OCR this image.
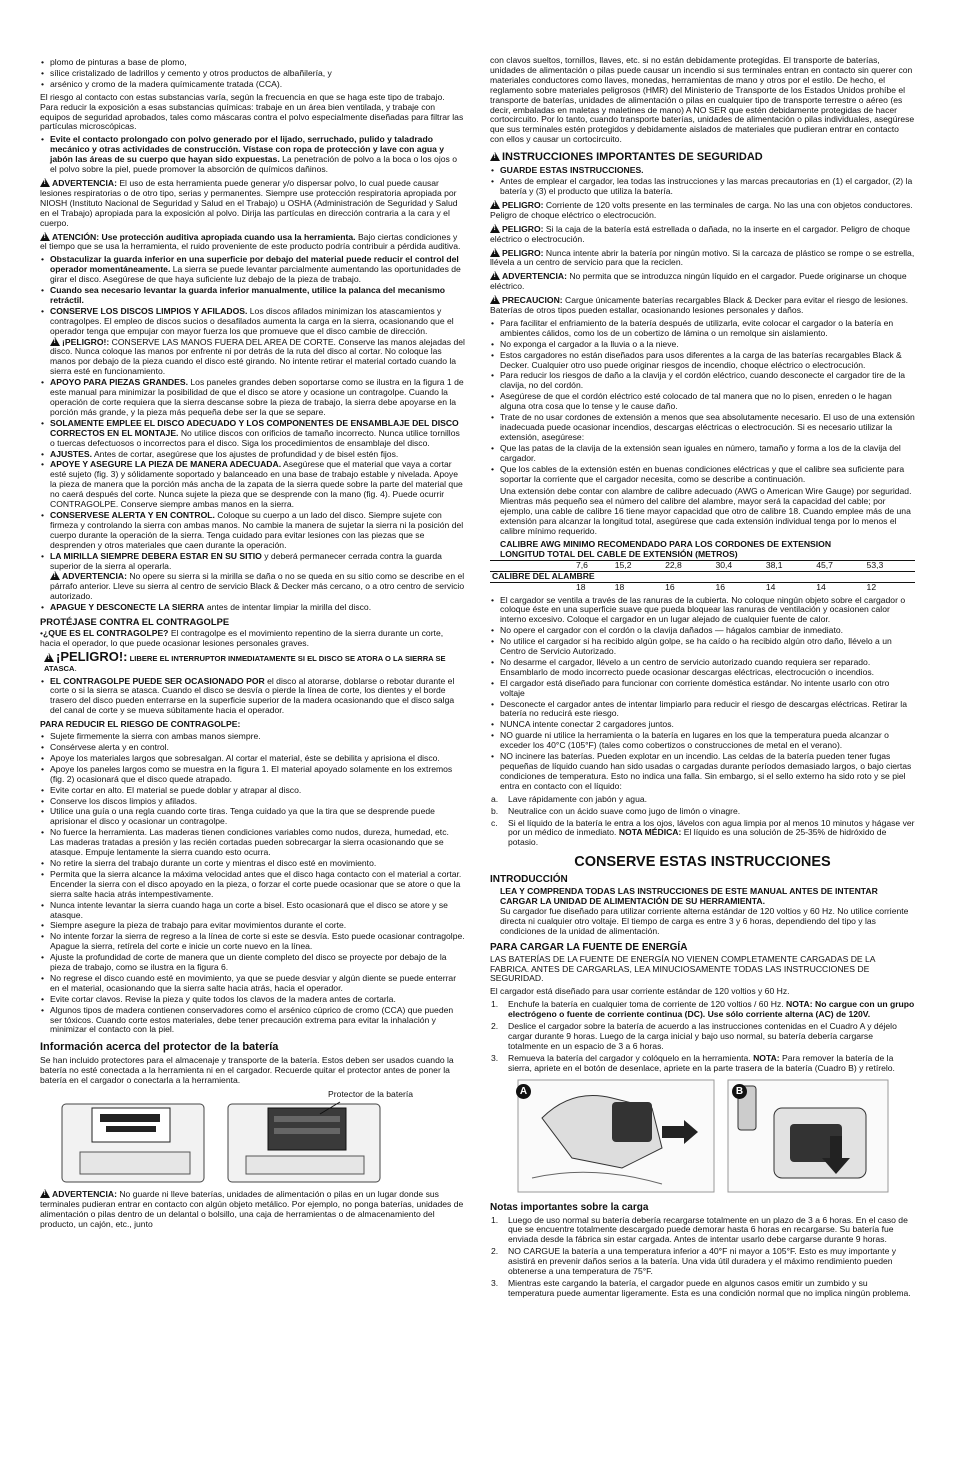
• plomo de pinturas a base de plomo,
• sílice cristalizado de ladrillos y cemento y otros productos de albañilería, y
• arsénico y cromo de la madera químicamente tratada (CCA).

El riesgo al contacto con estas substancias varía, según la frecuencia en que se haga este tipo de trabajo. Para reducir la exposición a esas substancias químicas: trabaje en un área bien ventilada, y trabaje con equipos de seguridad aprobados, tales como máscaras contra el polvo especialmente diseñadas para filtrar las partículas microscópicas.

• Evite el contacto prolongado con polvo generado por el lijado, serruchado, pulido y taladrado mecánico y otras actividades de construcción. Vístase con ropa de protección y lave con agua y jabón las áreas de su cuerpo que hayan sido expuestas. La penetración de polvo a la boca o los ojos o el polvo sobre la piel, puede promover la absorción de químicos dañinos.

!ADVERTENCIA: El uso de esta herramienta puede generar y/o dispersar polvo, lo cual puede causar lesiones respiratorias o de otro tipo, serias y permanentes. Siempre use protección respiratoria apropiada por NIOSH (Instituto Nacional de Seguridad y Salud en el Trabajo) u OSHA (Administración de Seguridad y Salud en el Trabajo) apropiada para la exposición al polvo. Dirija las partículas en dirección contraria a la cara y el cuerpo.

!ATENCIÓN: Use protección auditiva apropiada cuando usa la herramienta. Bajo ciertas condiciones y el tiempo que se usa la herramienta, el ruido proveniente de este producto podría contribuir a pérdida auditiva.

• Obstaculizar la guarda inferior en una superficie por debajo del material puede reducir el control del operador momentáneamente. La sierra se puede levantar parcialmente aumentando las oportunidades de girar el disco. Asegúrese de que haya suficiente luz debajo de la pieza de trabajo.
• Cuando sea necesario levantar la guarda inferior manualmente, utilice la palanca del mecanismo retráctil.
• CONSERVE LOS DISCOS LIMPIOS Y AFILADOS. Los discos afilados minimizan los atascamientos y contragolpes. El empleo de discos sucios o desafilados aumenta la carga en la sierra, ocasionando que el operador tenga que empujar con mayor fuerza los que promueve que el disco cambie de dirección.
!¡PELIGRO!: CONSERVE LAS MANOS FUERA DEL AREA DE CORTE. Conserve las manos alejadas del disco. Nunca coloque las manos por enfrente ni por detrás de la ruta del disco al cortar. No coloque las manos por debajo de la pieza cuando el disco esté girando. No intente retirar el material cortado cuando la sierra esté en funcionamiento.
• APOYO PARA PIEZAS GRANDES. Los paneles grandes deben soportarse como se ilustra en la figura 1 de este manual para minimizar la posibilidad de que el disco se atore y ocasione un contragolpe. Cuando la operación de corte requiera que la sierra descanse sobre la pieza de trabajo, la sierra debe apoyarse en la porción más grande, y la pieza más pequeña debe ser la que se separe.
• SOLAMENTE EMPLEE EL DISCO ADECUADO Y LOS COMPONENTES DE ENSAMBLAJE DEL DISCO CORRECTOS EN EL MONTAJE. No utilice discos con orificios de tamaño incorrecto. Nunca utilice tornillos o tuercas defectuosos o incorrectos para el disco. Siga los procedimientos de ensamblaje del disco.
• AJUSTES. Antes de cortar, asegúrese que los ajustes de profundidad y de bisel estén fijos.
• APOYE Y ASEGURE LA PIEZA DE MANERA ADECUADA. Asegúrese que el material que vaya a cortar esté sujeto (fig. 3) y sólidamente soportado y balanceado en una base de trabajo estable y nivelada. Apoye la pieza de manera que la porción más ancha de la zapata de la sierra quede sobre la parte del material que no caerá después del corte. Nunca sujete la pieza que se desprende con la mano (fig. 4). Puede ocurrir CONTRAGOLPE. Conserve siempre ambas manos en la sierra.
• CONSERVESE ALERTA Y EN CONTROL. Coloque su cuerpo a un lado del disco. Siempre sujete con firmeza y controlando la sierra con ambas manos. No cambie la manera de sujetar la sierra ni la posición del cuerpo durante la operación de la sierra. Tenga cuidado para evitar lesiones con las piezas que se desprenden y otros materiales que caen durante la operación.
• LA MIRILLA SIEMPRE DEBERA ESTAR EN SU SITIO y deberá permanecer cerrada contra la guarda superior de la sierra al operarla.
!ADVERTENCIA: No opere su sierra si la mirilla se daña o no se queda en su sitio como se describe en el párrafo anterior. Lleve su sierra al centro de servicio Black & Decker más cercano, o a otro centro de servicio autorizado.
• APAGUE Y DESCONECTE LA SIERRA antes de intentar limpiar la mirilla del disco.
PROTÉJASE CONTRA EL CONTRAGOLPE

•¿QUE ES EL CONTRAGOLPE? El contragolpe es el movimiento repentino de la sierra durante un corte, hacia el operador, lo que puede ocasionar lesiones personales graves.

!¡PELIGRO!: LIBERE EL INTERRUPTOR INMEDIATAMENTE SI EL DISCO SE ATORA O LA SIERRA SE ATASCA.

• EL CONTRAGOLPE PUEDE SER OCASIONADO POR el disco al atorarse, doblarse o rebotar durante el corte o si la sierra se atasca. Cuando el disco se desvía o pierde la línea de corte, los dientes y el borde trasero del disco pueden enterrarse en la superficie superior de la madera ocasionando que el disco salga del canal de corte y se mueva súbitamente hacia el operador.
PARA REDUCIR EL RIESGO DE CONTRAGOLPE:
• Sujete firmemente la sierra con ambas manos siempre.
• Consérvese alerta y en control.
• Apoye los materiales largos que sobresalgan. Al cortar el material, éste se debilita y aprisiona el disco.
• Apoye los paneles largos como se muestra en la figura 1. El material apoyado solamente en los extremos (fig. 2) ocasionará que el disco quede atrapado.
• Evite cortar en alto. El material se puede doblar y atrapar al disco.
• Conserve los discos limpios y afilados.
• Utilice una guía o una regla cuando corte tiras. Tenga cuidado ya que la tira que se desprende puede aprisionar el disco y ocasionar un contragolpe.
• No fuerce la herramienta. Las maderas tienen condiciones variables como nudos, dureza, humedad, etc. Las maderas tratadas a presión y las recién cortadas pueden sobrecargar la sierra ocasionando que se atasque. Empuje lentamente la sierra cuando esto ocurra.
• No retire la sierra del trabajo durante un corte y mientras el disco esté en movimiento.
• Permita que la sierra alcance la máxima velocidad antes que el disco haga contacto con el material a cortar. Encender la sierra con el disco apoyado en la pieza, o forzar el corte puede ocasionar que se atore o que la sierra salte hacia atrás intempestivamente.
• Nunca intente levantar la sierra cuando haga un corte a bisel. Esto ocasionará que el disco se atore y se atasque.
• Siempre asegure la pieza de trabajo para evitar movimientos durante el corte.
• No intente forzar la sierra de regreso a la línea de corte si este se desvía. Esto puede ocasionar contragolpe. Apague la sierra, retírela del corte e inicie un corte nuevo en la línea.
• Ajuste la profundidad de corte de manera que un diente completo del disco se proyecte por debajo de la pieza de trabajo, como se ilustra en la figura 6.
• No regrese el disco cuando esté en movimiento, ya que se puede desviar y algún diente se puede enterrar en el material, ocasionando que la sierra salte hacia atrás, hacia el operador.
• Evite cortar clavos. Revise la pieza y quite todos los clavos de la madera antes de cortarla.
• Algunos tipos de madera contienen conservadores como el arsénico cúprico de cromo (CCA) que pueden ser tóxicos. Cuando corte estos materiales, debe tener precaución extrema para evitar la inhalación y minimizar el contacto con la piel.
Información acerca del protector de la batería

Se han incluido protectores para el almacenaje y transporte de la batería. Estos deben ser usados cuando la batería no esté conectada a la herramienta ni en el cargador. Recuerde quitar el protector antes de poner la batería en el cargador o conectarla a la herramienta.

Protector de la batería

!ADVERTENCIA: No guarde ni lleve baterías, unidades de alimentación o pilas en un lugar donde sus terminales pudieran entrar en contacto con algún objeto metálico. Por ejemplo, no ponga baterías, unidades de alimentación o pilas dentro de un delantal o bolsillo, una caja de herramientas o de almacenamiento del producto, un cajón, etc., junto

con clavos sueltos, tornillos, llaves, etc. si no están debidamente protegidas. El transporte de baterías, unidades de alimentación o pilas puede causar un incendio si sus terminales entran en contacto sin querer con materiales conductores como llaves, monedas, herramientas de mano y otros por el estilo. De hecho, el reglamento sobre materiales peligrosos (HMR) del Ministerio de Transporte de los Estados Unidos prohíbe el transporte de baterías, unidades de alimentación o pilas en cualquier tipo de transporte terrestre o aéreo (es decir, embaladas en maletas y maletines de mano) A NO SER que estén debidamente protegidas de hacer cortocircuito. Por lo tanto, cuando transporte baterías, unidades de alimentación o pilas individuales, asegúrese que sus terminales estén protegidos y debidamente aislados de materiales que pudieran entrar en contacto con ellos y causar un cortocircuito.

!INSTRUCCIONES IMPORTANTES DE SEGURIDAD
• GUARDE ESTAS INSTRUCCIONES.
• Antes de emplear el cargador, lea todas las instrucciones y las marcas precautorias en (1) el cargador, (2) la batería y (3) el producto que utiliza la batería.

!PELIGRO: Corriente de 120 volts presente en las terminales de carga. No las una con objetos conductores. Peligro de choque eléctrico o electrocución.

!PELIGRO: Si la caja de la batería está estrellada o dañada, no la inserte en el cargador. Peligro de choque eléctrico o electrocución.

!PELIGRO: Nunca intente abrir la batería por ningún motivo. Si la carcaza de plástico se rompe o se estrella, llévela a un centro de servicio para que la reciclen.

!ADVERTENCIA: No permita que se introduzca ningún líquido en el cargador. Puede originarse un choque eléctrico.

!PRECAUCION: Cargue únicamente baterías recargables Black & Decker para evitar el riesgo de lesiones. Baterías de otros tipos pueden estallar, ocasionando lesiones personales y daños.

• Para facilitar el enfriamiento de la batería después de utilizarla, evite colocar el cargador o la batería en ambientes cálidos, como los de un cobertizo de lámina o un remolque sin aislamiento.
• No exponga el cargador a la lluvia o a la nieve.
• Estos cargadores no están diseñados para usos diferentes a la carga de las baterías recargables Black & Decker. Cualquier otro uso puede originar riesgos de incendio, choque eléctrico o electrocución.
• Para reducir los riesgos de daño a la clavija y el cordón eléctrico, cuando desconecte el cargador tire de la clavija, no del cordón.
• Asegúrese de que el cordón eléctrico esté colocado de tal manera que no lo pisen, enreden o le hagan alguna otra cosa que lo tense y le cause daño.
• Trate de no usar cordones de extensión a menos que sea absolutamente necesario. El uso de una extensión inadecuada puede ocasionar incendios, descargas eléctricas o electrocución. Si es necesario utilizar la extensión, asegúrese:
• Que las patas de la clavija de la extensión sean iguales en número, tamaño y forma a los de la clavija del cargador.
• Que los cables de la extensión estén en buenas condiciones eléctricas y que el calibre sea suficiente para soportar la corriente que el cargador necesita, como se describe a continuación.

Una extensión debe contar con alambre de calibre adecuado (AWG o American Wire Gauge) por seguridad. Mientras más pequeño sea el número del calibre del alambre, mayor será la capacidad del cable; por ejemplo, una cable de calibre 16 tiene mayor capacidad que otro de calibre 18. Cuando emplee más de una extensión para alcanzar la longitud total, asegúrese que cada extensión individual tenga por lo menos el calibre mínimo requerido.

CALIBRE AWG MINIMO RECOMENDADO PARA LOS CORDONES DE EXTENSION
LONGITUD TOTAL DEL CABLE DE EXTENSIÓN (METROS)
	7,6	15,2	22,8	30,4	38,1	45,7	53,3
CALIBRE DEL ALAMBRE							
	18	18	16	16	14	14	12
• El cargador se ventila a través de las ranuras de la cubierta. No coloque ningún objeto sobre el cargador o coloque éste en una superficie suave que pueda bloquear las ranuras de ventilación y ocasionen calor interno excesivo. Coloque el cargador en un lugar alejado de cualquier fuente de calor.
• No opere el cargador con el cordón o la clavija dañados — hágalos cambiar de inmediato.
• No utilice el cargador si ha recibido algún golpe, se ha caído o ha recibido algún otro daño, llévelo a un Centro de Servicio Autorizado.
• No desarme el cargador, llévelo a un centro de servicio autorizado cuando requiera ser reparado. Ensamblarlo de modo incorrecto puede ocasionar descargas eléctricas, electrocución o incendios.
• El cargador está diseñado para funcionar con corriente doméstica estándar. No intente usarlo con otro voltaje
• Desconecte el cargador antes de intentar limpiarlo para reducir el riesgo de descargas eléctricas. Retirar la batería no reducirá este riesgo.
• NUNCA intente conectar 2 cargadores juntos.
• NO guarde ni utilice la herramienta o la batería en lugares en los que la temperatura pueda alcanzar o exceder los 40°C (105°F) (tales como cobertizos o construcciones de metal en el verano).
• NO incinere las baterías. Pueden explotar en un incendio. Las celdas de la batería pueden tener fugas pequeñas de líquido cuando han sido usadas o cargadas durante períodos demasiado largos, o bajo ciertas condiciones de temperatura. Esto no indica una falla. Sin embargo, si el sello externo ha sido roto y se piel entra en contacto con el líquido:
a. Lave rápidamente con jabón y agua.
b. Neutralice con un ácido suave como jugo de limón o vinagre.
c. Si el líquido de la batería le entra a los ojos, lávelos con agua limpia por al menos 10 minutos y hágase ver por un médico de inmediato. NOTA MÉDICA: El líquido es una solución de 25-35% de hidróxido de potasio.
CONSERVE ESTAS INSTRUCCIONES
INTRODUCCIÓN

LEA Y COMPRENDA TODAS LAS INSTRUCCIONES DE ESTE MANUAL ANTES DE INTENTAR CARGAR LA UNIDAD DE ALIMENTACIÓN DE SU HERRAMIENTA.
Su cargador fue diseñado para utilizar corriente alterna estándar de 120 voltios y 60 Hz. No utilice corriente directa ni cualquier otro voltaje. El tiempo de carga es entre 3 y 6 horas, dependiendo del tipo y las condiciones de la unidad de alimentación.

PARA CARGAR LA FUENTE DE ENERGÍA

LAS BATERÍAS DE LA FUENTE DE ENERGÍA NO VIENEN COMPLETAMENTE CARGADAS DE LA FABRICA. ANTES DE CARGARLAS, LEA MINUCIOSAMENTE TODAS LAS INSTRUCCIONES DE SEGURIDAD.

El cargador está diseñado para usar corriente estándar de 120 voltios y 60 Hz.

1. Enchufe la batería en cualquier toma de corriente de 120 voltios / 60 Hz. NOTA: No cargue con un grupo electrógeno o fuente de corriente continua (DC). Use sólo corriente alterna (AC) de 120V.
2. Deslice el cargador sobre la batería de acuerdo a las instrucciones contenidas en el Cuadro A y déjelo cargar durante 9 horas. Luego de la carga inicial y bajo uso normal, su batería debería cargarse totalmente en un espacio de 3 a 6 horas.
3. Remueva la batería del cargador y colóquelo en la herramienta. NOTA: Para remover la batería de la sierra, apriete en el botón de desenlace, apriete en la parte trasera de la batería (Cuadro B) y retírelo.
A	B
Notas importantes sobre la carga
1. Luego de uso normal su batería debería recargarse totalmente en un plazo de 3 a 6 horas. En el caso de que se encuentre totalmente descargado puede demorar hasta 6 horas en recargarse. Su batería fue enviada desde la fábrica sin estar cargada. Antes de intentar usarlo debe cargarse durante 9 horas.
2. NO CARGUE la batería a una temperatura inferior a 40°F ni mayor a 105°F. Esto es muy importante y asistirá en prevenir daños serios a la batería. Una vida útil duradera y el máximo rendimiento pueden obtenerse a una temperatura de 75°F.
3. Mientras este cargando la batería, el cargador puede en algunos casos emitir un zumbido y su temperatura puede aumentar ligeramente. Esta es una condición normal que no implica ningún problema.
